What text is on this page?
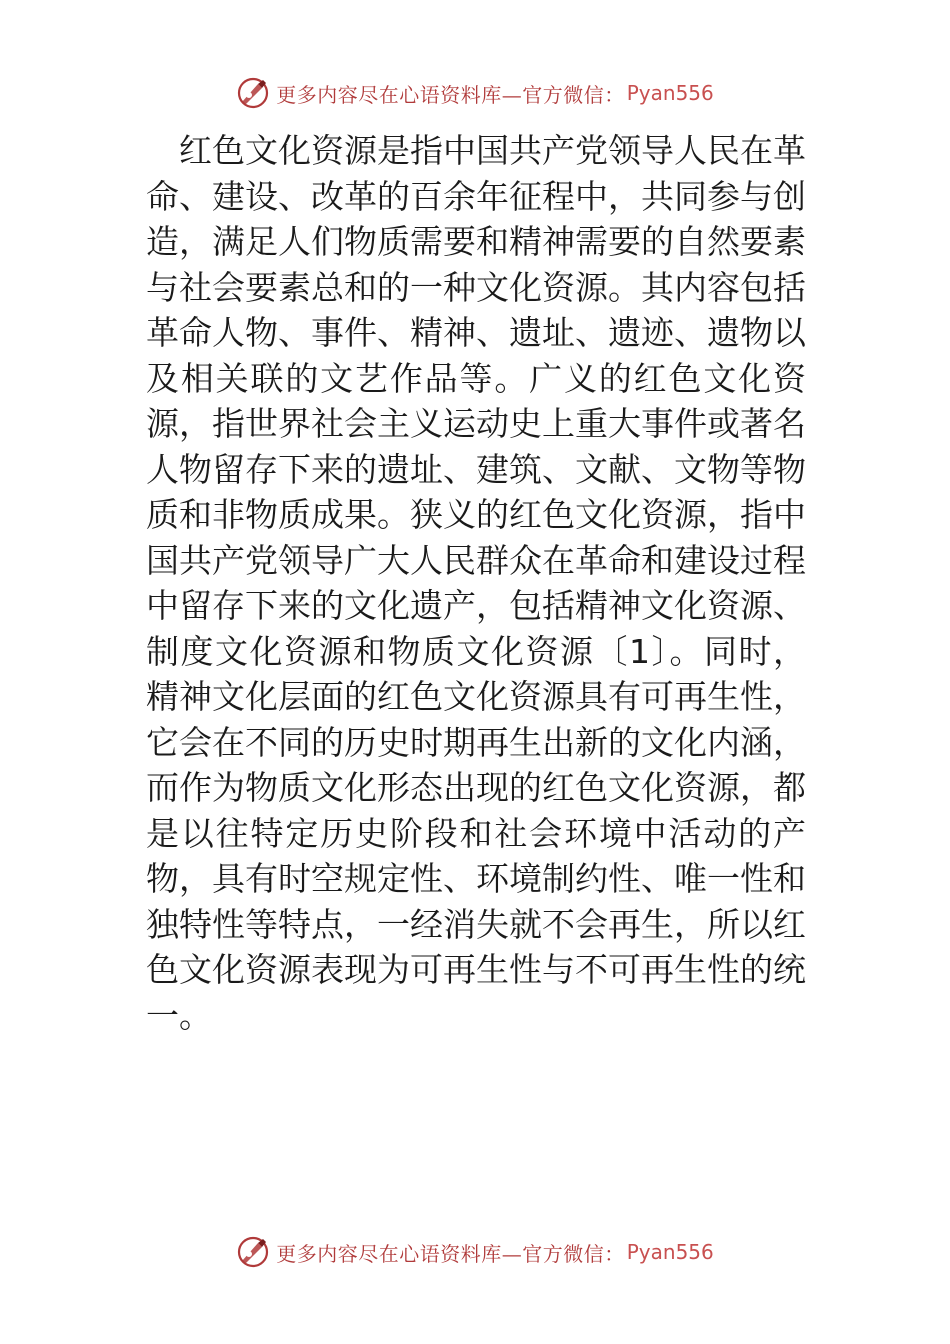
更多内容尽在心语资料库—官方微信： Pyan556

红色文化资源是指中国共产党领导人民在革命、建设、改革的百余年征程中，共同参与创造，满足人们物质需要和精神需要的自然要素与社会要素总和的一种文化资源。其内容包括革命人物、事件、精神、遗址、遗迹、遗物以及相关联的文艺作品等。广义的红色文化资源，指世界社会主义运动史上重大事件或著名人物留存下来的遗址、建筑、文献、文物等物质和非物质成果。狭义的红色文化资源，指中国共产党领导广大人民群众在革命和建设过程中留存下来的文化遗产，包括精神文化资源、制度文化资源和物质文化资源〔1〕。同时，精神文化层面的红色文化资源具有可再生性，它会在不同的历史时期再生出新的文化内涵，而作为物质文化形态出现的红色文化资源，都是以往特定历史阶段和社会环境中活动的产物，具有时空规定性、环境制约性、唯一性和独特性等特点，一经消失就不会再生，所以红色文化资源表现为可再生性与不可再生性的统一。

更多内容尽在心语资料库—官方微信： Pyan556
